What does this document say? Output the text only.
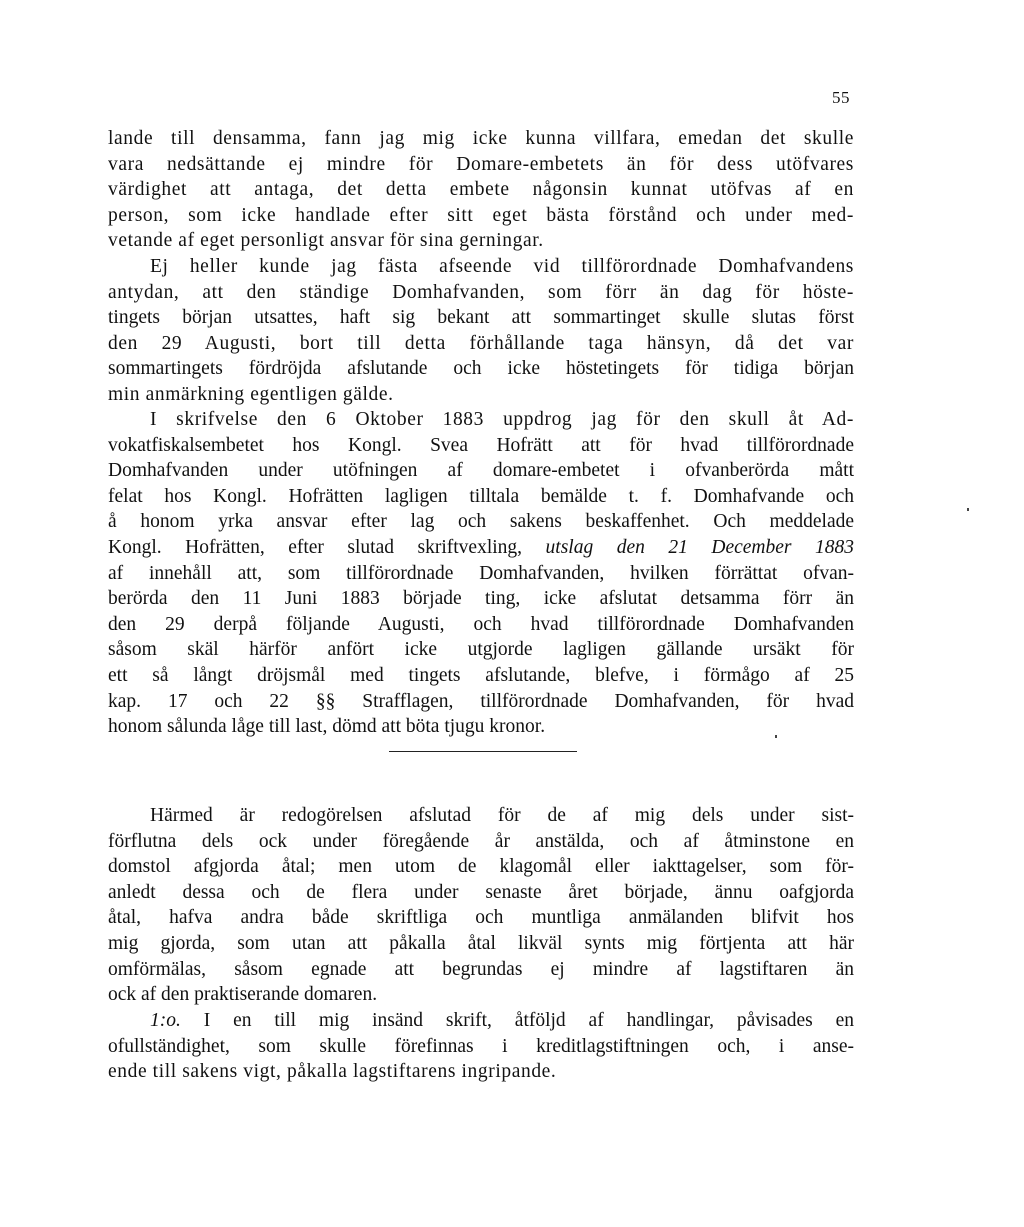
55
lande till densamma, fann jag mig icke kunna villfara, emedan det skulle
vara nedsättande ej mindre för Domare-embetets än för dess utöfvares
värdighet att antaga, det detta embete någonsin kunnat utöfvas af en
person, som icke handlade efter sitt eget bästa förstånd och under med-
vetande af eget personligt ansvar för sina gerningar.
Ej heller kunde jag fästa afseende vid tillförordnade Domhafvandens
antydan, att den ständige Domhafvanden, som förr än dag för höste-
tingets början utsattes, haft sig bekant att sommartinget skulle slutas först
den 29 Augusti, bort till detta förhållande taga hänsyn, då det var
sommartingets fördröjda afslutande och icke höstetingets för tidiga början
min anmärkning egentligen gälde.
I skrifvelse den 6 Oktober 1883 uppdrog jag för den skull åt Ad-
vokatfiskalsembetet hos Kongl. Svea Hofrätt att för hvad tillförordnade
Domhafvanden under utöfningen af domare-embetet i ofvanberörda mått
felat hos Kongl. Hofrätten lagligen tilltala bemälde t. f. Domhafvande och
å honom yrka ansvar efter lag och sakens beskaffenhet. Och meddelade
Kongl. Hofrätten, efter slutad skriftvexling, utslag den 21 December 1883
af innehåll att, som tillförordnade Domhafvanden, hvilken förrättat ofvan-
berörda den 11 Juni 1883 började ting, icke afslutat detsamma förr än
den 29 derpå följande Augusti, och hvad tillförordnade Domhafvanden
såsom skäl härför anfört icke utgjorde lagligen gällande ursäkt för
ett så långt dröjsmål med tingets afslutande, blefve, i förmågo af 25
kap. 17 och 22 §§ Strafflagen, tillförordnade Domhafvanden, för hvad
honom sålunda låge till last, dömd att böta tjugu kronor.
Härmed är redogörelsen afslutad för de af mig dels under sist-
förflutna dels ock under föregående år anstälda, och af åtminstone en
domstol afgjorda åtal; men utom de klagomål eller iakttagelser, som för-
anledt dessa och de flera under senaste året började, ännu oafgjorda
åtal, hafva andra både skriftliga och muntliga anmälanden blifvit hos
mig gjorda, som utan att påkalla åtal likväl synts mig förtjenta att här
omförmälas, såsom egnade att begrundas ej mindre af lagstiftaren än
ock af den praktiserande domaren.
1:o. I en till mig insänd skrift, åtföljd af handlingar, påvisades en
ofullständighet, som skulle förefinnas i kreditlagstiftningen och, i anse-
ende till sakens vigt, påkalla lagstiftarens ingripande.
